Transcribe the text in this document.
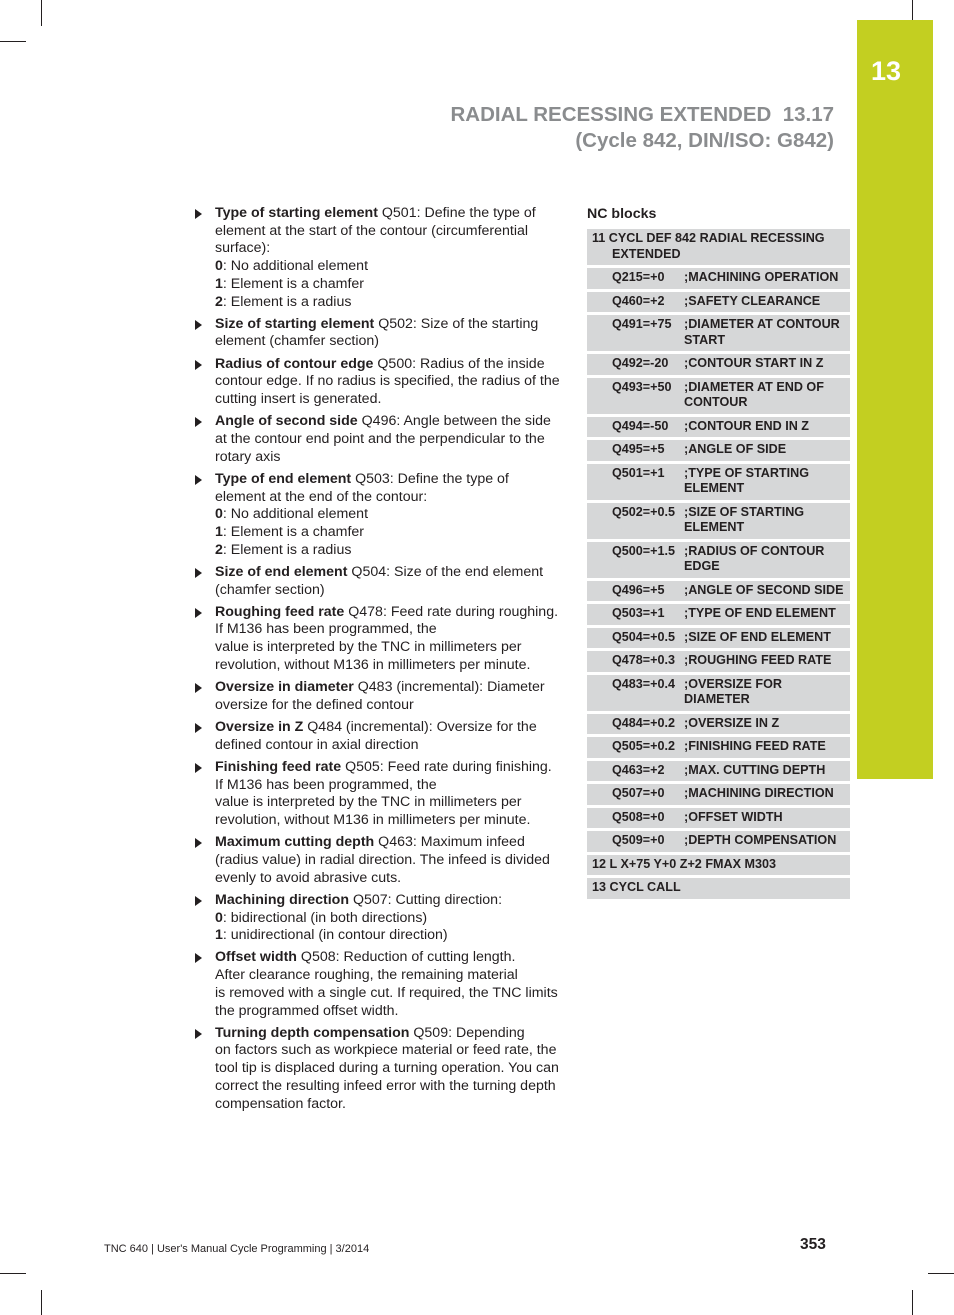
13
RADIAL RECESSING EXTENDED  13.17
(Cycle 842, DIN/ISO: G842)
Type of starting element Q501: Define the type of element at the start of the contour (circumferential surface):
0: No additional element
1: Element is a chamfer
2: Element is a radius
Size of starting element Q502: Size of the starting element (chamfer section)
Radius of contour edge Q500: Radius of the inside contour edge. If no radius is specified, the radius of the cutting insert is generated.
Angle of second side Q496: Angle between the side at the contour end point and the perpendicular to the rotary axis
Type of end element Q503: Define the type of element at the end of the contour:
0: No additional element
1: Element is a chamfer
2: Element is a radius
Size of end element Q504: Size of the end element (chamfer section)
Roughing feed rate Q478: Feed rate during roughing. If M136 has been programmed, the
value is interpreted by the TNC in millimeters per revolution, without M136 in millimeters per minute.
Oversize in diameter Q483 (incremental): Diameter oversize for the defined contour
Oversize in Z Q484 (incremental): Oversize for the defined contour in axial direction
Finishing feed rate Q505: Feed rate during finishing. If M136 has been programmed, the
value is interpreted by the TNC in millimeters per revolution, without M136 in millimeters per minute.
Maximum cutting depth Q463: Maximum infeed (radius value) in radial direction. The infeed is divided evenly to avoid abrasive cuts.
Machining direction Q507: Cutting direction:
0: bidirectional (in both directions)
1: unidirectional (in contour direction)
Offset width Q508: Reduction of cutting length.
After clearance roughing, the remaining material
is removed with a single cut. If required, the TNC limits the programmed offset width.
Turning depth compensation Q509: Depending
on factors such as workpiece material or feed rate, the tool tip is displaced during a turning operation. You can correct the resulting infeed error with the turning depth compensation factor.
NC blocks
11 CYCL DEF 842 RADIAL RECESSING
EXTENDED	

Q215=+0	;MACHINING OPERATION
Q460=+2	;SAFETY CLEARANCE
Q491=+75	;DIAMETER AT CONTOUR START
Q492=-20	;CONTOUR START IN Z
Q493=+50	;DIAMETER AT END OF CONTOUR
Q494=-50	;CONTOUR END IN Z
Q495=+5	;ANGLE OF SIDE
Q501=+1	;TYPE OF STARTING ELEMENT
Q502=+0.5	;SIZE OF STARTING ELEMENT
Q500=+1.5	;RADIUS OF CONTOUR EDGE
Q496=+5	;ANGLE OF SECOND SIDE
Q503=+1	;TYPE OF END ELEMENT
Q504=+0.5	;SIZE OF END ELEMENT
Q478=+0.3	;ROUGHING FEED RATE
Q483=+0.4	;OVERSIZE FOR DIAMETER
Q484=+0.2	;OVERSIZE IN Z
Q505=+0.2	;FINISHING FEED RATE
Q463=+2	;MAX. CUTTING DEPTH
Q507=+0	;MACHINING DIRECTION
Q508=+0	;OFFSET WIDTH
Q509=+0	;DEPTH COMPENSATION
12 L X+75 Y+0 Z+2 FMAX M303	
13 CYCL CALL	
TNC 640 | User's Manual Cycle Programming | 3/2014	353
